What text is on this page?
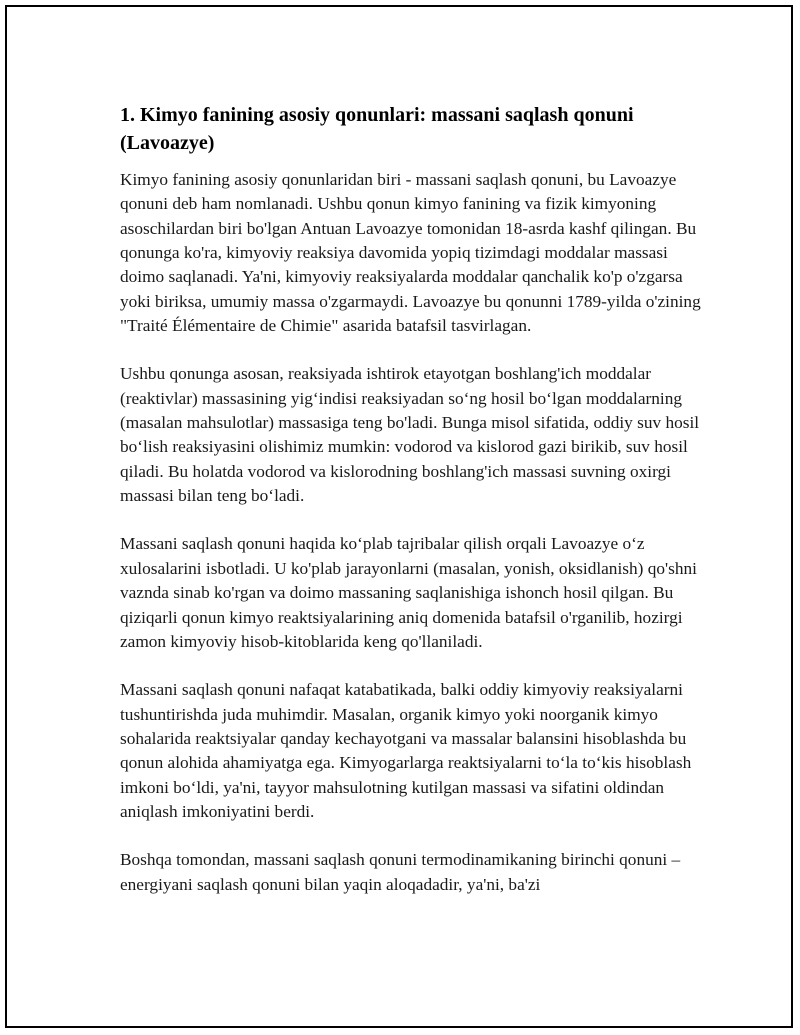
1. Kimyo fanining asosiy qonunlari: massani saqlash qonuni (Lavoazye)

Kimyo fanining asosiy qonunlaridan biri - massani saqlash qonuni, bu Lavoazye qonuni deb ham nomlanadi. Ushbu qonun kimyo fanining va fizik kimyoning asoschilardan biri bo'lgan Antuan Lavoazye tomonidan 18-asrda kashf qilingan. Bu qonunga ko'ra, kimyoviy reaksiya davomida yopiq tizimdagi moddalar massasi doimo saqlanadi. Ya'ni, kimyoviy reaksiyalarda moddalar qanchalik ko'p o'zgarsa yoki biriksa, umumiy massa o'zgarmaydi. Lavoazye bu qonunni 1789-yilda o'zining "Traité Élémentaire de Chimie" asarida batafsil tasvirlagan.

Ushbu qonunga asosan, reaksiyada ishtirok etayotgan boshlang'ich moddalar (reaktivlar) massasining yig‘indisi reaksiyadan so‘ng hosil bo‘lgan moddalarning (masalan mahsulotlar) massasiga teng bo'ladi. Bunga misol sifatida, oddiy suv hosil bo‘lish reaksiyasini olishimiz mumkin: vodorod va kislorod gazi birikib, suv hosil qiladi. Bu holatda vodorod va kislorodning boshlang'ich massasi suvning oxirgi massasi bilan teng bo‘ladi.

Massani saqlash qonuni haqida ko‘plab tajribalar qilish orqali Lavoazye o‘z xulosalarini isbotladi. U ko'plab jarayonlarni (masalan, yonish, oksidlanish) qo'shni vaznda sinab ko'rgan va doimo massaning saqlanishiga ishonch hosil qilgan. Bu qiziqarli qonun kimyo reaktsiyalarining aniq domenida batafsil o'rganilib, hozirgi zamon kimyoviy hisob-kitoblarida keng qo'llaniladi.

Massani saqlash qonuni nafaqat katabatikada, balki oddiy kimyoviy reaksiyalarni tushuntirishda juda muhimdir. Masalan, organik kimyo yoki noorganik kimyo sohalarida reaktsiyalar qanday kechayotgani va massalar balansini hisoblashda bu qonun alohida ahamiyatga ega. Kimyogarlarga reaktsiyalarni to‘la to‘kis hisoblash imkoni bo‘ldi, ya'ni, tayyor mahsulotning kutilgan massasi va sifatini oldindan aniqlash imkoniyatini berdi.

Boshqa tomondan, massani saqlash qonuni termodinamikaning birinchi qonuni – energiyani saqlash qonuni bilan yaqin aloqadadir, ya'ni, ba'zi
